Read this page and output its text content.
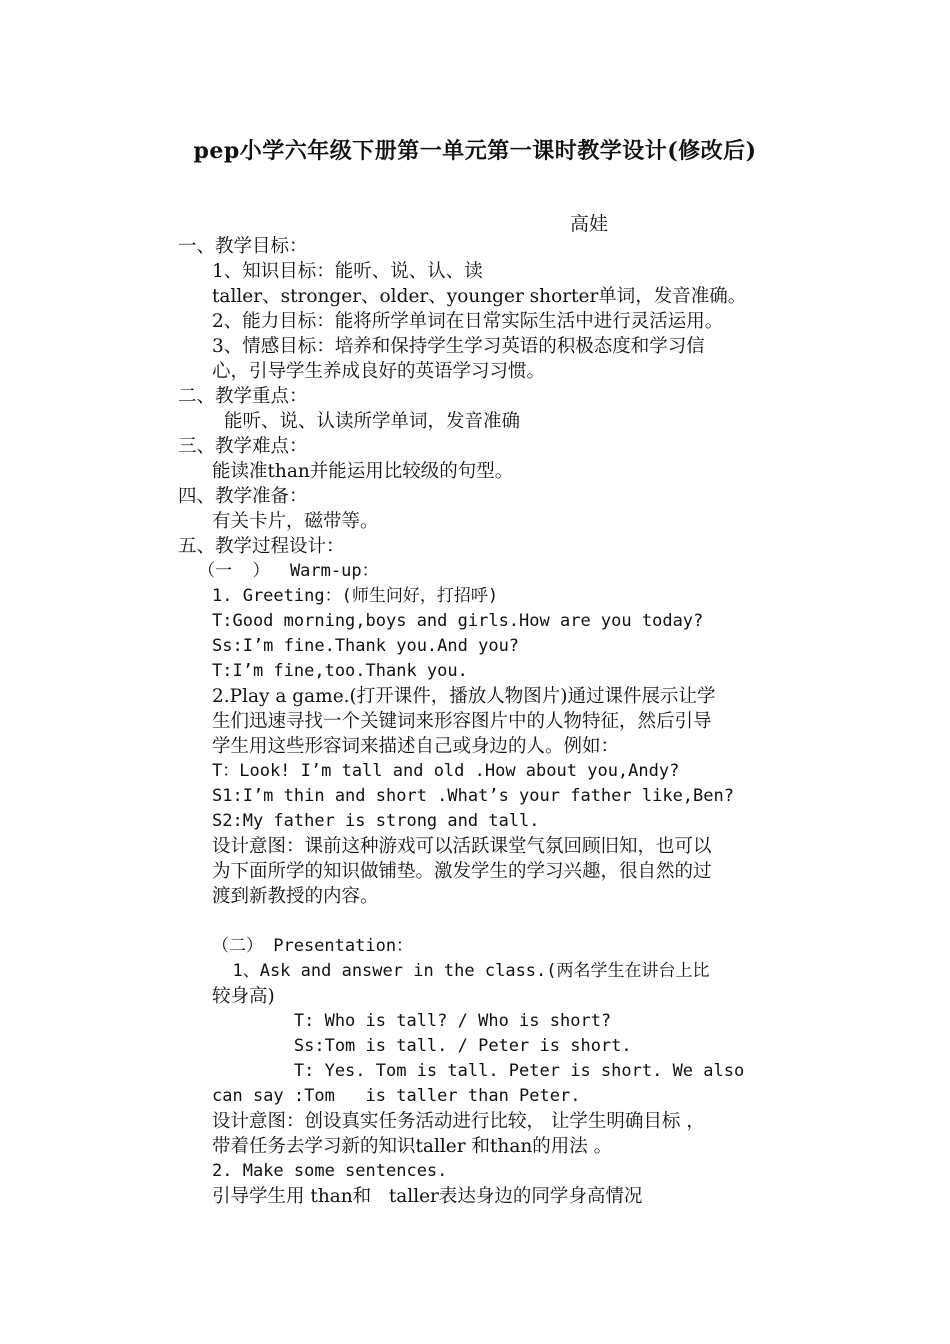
pep小学六年级下册第一单元第一课时教学设计(修改后)
高娃
一、教学目标：
1、知识目标：能听、说、认、读
taller、stronger、older、younger shorter单词，发音准确。
2、能力目标：能将所学单词在日常实际生活中进行灵活运用。
3、情感目标：培养和保持学生学习英语的积极态度和学习信
心，引导学生养成良好的英语学习习惯。
二、教学重点：
能听、说、认读所学单词，发音准确
三、教学难点：
能读准than并能运用比较级的句型。
四、教学准备：
有关卡片，磁带等。
五、教学过程设计：
（一  ）  Warm-up：
1. Greeting：(师生问好，打招呼)
T:Good morning,boys and girls.How are you today?
Ss:I’m fine.Thank you.And you?
T:I’m fine,too.Thank you.
2.Play a game.(打开课件，播放人物图片)通过课件展示让学
生们迅速寻找一个关键词来形容图片中的人物特征，然后引导
学生用这些形容词来描述自己或身边的人。例如：
T：Look! I’m tall and old .How about you,Andy?
S1:I’m thin and short .What’s your father like,Ben?
S2:My father is strong and tall.
设计意图：课前这种游戏可以活跃课堂气氛回顾旧知，也可以
为下面所学的知识做铺垫。激发学生的学习兴趣，很自然的过
渡到新教授的内容。
（二） Presentation：
1、Ask and answer in the class.(两名学生在讲台上比
较身高)
T: Who is tall? / Who is short?
Ss:Tom is tall. / Peter is short.
T: Yes. Tom is tall. Peter is short. We also
can say :Tom   is taller than Peter.
设计意图：创设真实任务活动进行比较， 让学生明确目标 ，
带着任务去学习新的知识taller 和than的用法 。
2. Make some sentences.
引导学生用 than和   taller表达身边的同学身高情况
